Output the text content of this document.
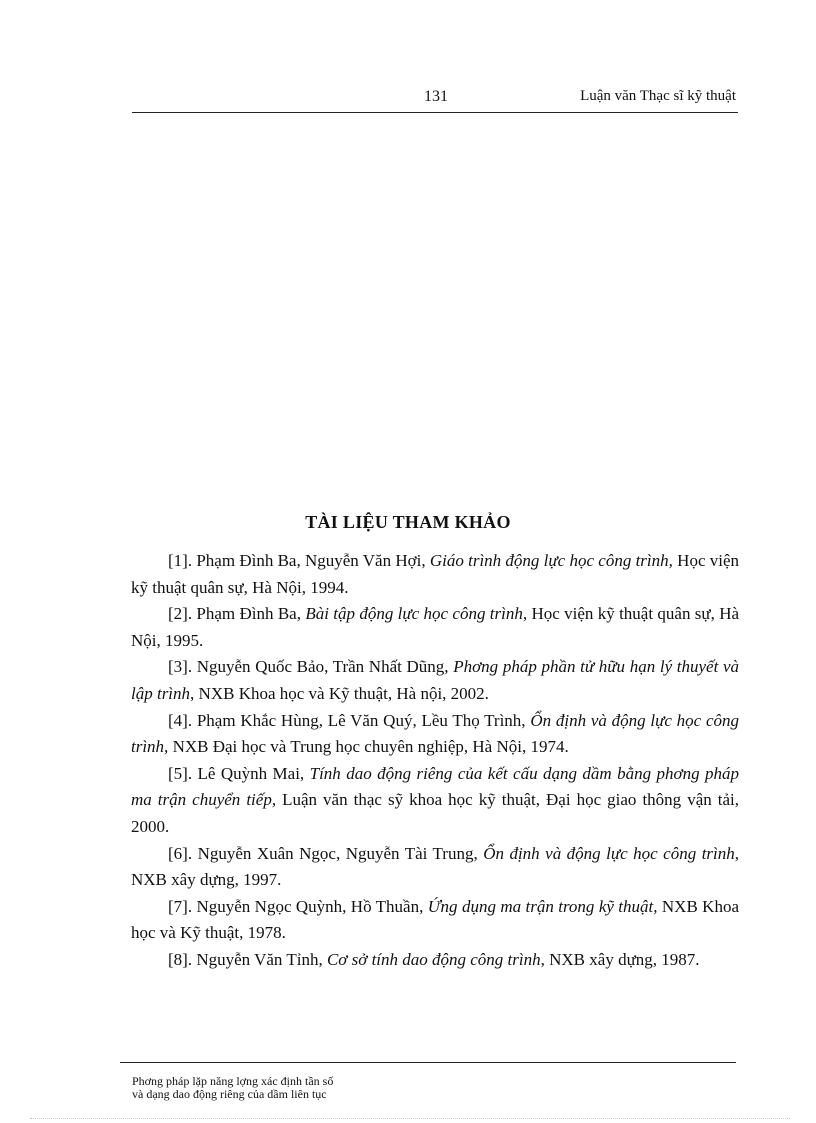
131	Luận văn Thạc sĩ kỹ thuật
TÀI LIỆU THAM KHẢO

[1]. Phạm Đình Ba, Nguyễn Văn Hợi, Giáo trình động lực học công trình, Học viện kỹ thuật quân sự, Hà Nội, 1994.

[2]. Phạm Đình Ba, Bài tập động lực học công trình, Học viện kỹ thuật quân sự, Hà Nội, 1995.

[3]. Nguyễn Quốc Bảo, Trần Nhất Dũng, Phơng pháp phần tử hữu hạn lý thuyết và lập trình, NXB Khoa học và Kỹ thuật, Hà nội, 2002.

[4]. Phạm Khắc Hùng, Lê Văn Quý, Lều Thọ Trình, Ổn định và động lực học công trình, NXB Đại học và Trung học chuyên nghiệp, Hà Nội, 1974.

[5]. Lê Quỳnh Mai, Tính dao động riêng của kết cấu dạng dầm bằng phơng pháp ma trận chuyển tiếp, Luận văn thạc sỹ khoa học kỹ thuật, Đại học giao thông vận tải, 2000.

[6]. Nguyễn Xuân Ngọc, Nguyễn Tài Trung, Ổn định và động lực học công trình, NXB xây dựng, 1997.

[7]. Nguyễn Ngọc Quỳnh, Hồ Thuần, Ứng dụng ma trận trong kỹ thuật, NXB Khoa học và Kỹ thuật, 1978.

[8]. Nguyễn Văn Tỉnh, Cơ sở tính dao động công trình, NXB xây dựng, 1987.

Phơng pháp lặp năng lợng xác định tần số
và dạng dao động riêng của dầm liên tục
